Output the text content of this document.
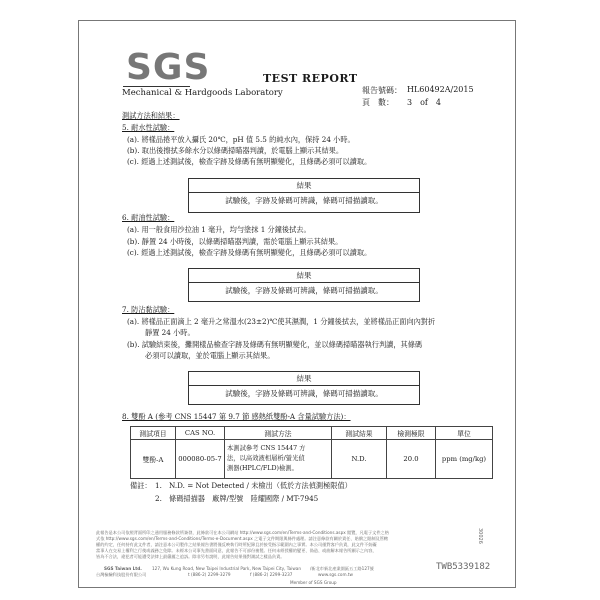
SGS
Mechanical & Hardgoods Laboratory
TEST REPORT
報告號碼： HL60492A/2015
頁　數： 3　of　4
測試方法和結果：
5. 耐水性試驗：
(a). 將樣品捲平放入攝氏 20℃，pH 值 5.5 的純水內，保持 24 小時。
(b). 取出後擦拭多餘水分以條碼掃瞄器判讀，於電腦上顯示其結果。
(c). 經過上述測試後，檢查字跡及條碼有無明顯變化，且條碼必須可以讀取。
結果
試驗後，字跡及條碼可辨識，條碼可掃描讀取。
6. 耐油性試驗：
(a). 用一般食用沙拉油 1 毫升，均勻塗抹 1 分鐘後拭去。
(b). 靜置 24 小時後，以條碼掃瞄器判讀，需於電腦上顯示其結果。
(c). 經過上述測試後，檢查字跡及條碼有無明顯變化，且條碼必須可以讀取。
結果
試驗後，字跡及條碼可辨識，條碼可掃描讀取。
7. 防沾黏試驗：
(a). 將樣品正面滴上 2 毫升之常溫水(23±2)℃使其濕潤，1 分鐘後拭去，並將樣品正面向內對折
靜置 24 小時。
(b). 試驗結束後，攤開樣品檢查字跡及條碼有無明顯變化，並以條碼掃瞄器執行判讀，其條碼
必須可以讀取，並於電腦上顯示其結果。
結果
試驗後，字跡及條碼可辨識，條碼可掃描讀取。
8. 雙酚 A (參考 CNS 15447 第 9.7 節 感熱紙雙酚-A 含量試驗方法)：
測試項目	CAS NO.	測試方法	測試結果	檢測極限	單位
雙酚-A	000080-05-7	本測試參考 CNS 15447 方
法，以高效液相層析/螢光偵
測器(HPLC/FLD)檢測。	N.D.	20.0	ppm (mg/kg)
備註： 1.　N.D. = Not Detected / 未檢出（低於方法偵測極限值）
2.　條碼掃描器　廠牌/型號　陸耀國際 / MT-7945
此報告是本公司依照背面所印之通用服務條款所簽發，此條款可在本公司網站 http://www.sgs.com/en/Terms-and-Conditions.aspx 閱覽，凡電子文件之格
式依 http://www.sgs.com/en/Terms-and-Conditions/Terms-e-Document.aspx 之電子文件期限與條件處理。請注意條款有關於責任、賠償之限制及管轄
權的約定，任何持有此文件者，請注意本公司製作之結果報告書將僅反映執行時所紀錄且於接受指示範圍內之事實。本公司僅對客戶負責，此文件不妨礙
當事人在交易上權利之行使或義務之免除。未經本公司事先書面同意，此報告不可部份複製。任何未經授權的變更、偽造、或曲解本報告所顯示之內容，
皆為不合法，違犯者可能遭受法律上最嚴厲之追訴。除非另有說明，此報告結果僅對測試之樣品負責。
SGS Taiwan Ltd.
台灣檢驗科技股份有限公司
127, Wu Kung Road, New Taipei Industrial Park, New Taipei City, Taiwan /新北市新北產業園區五工路127號
t (886-2) 2299-3279	f (886-2) 2299-3237	www.sgs.com.tw
Member of SGS Group
TWB5339182
30026
